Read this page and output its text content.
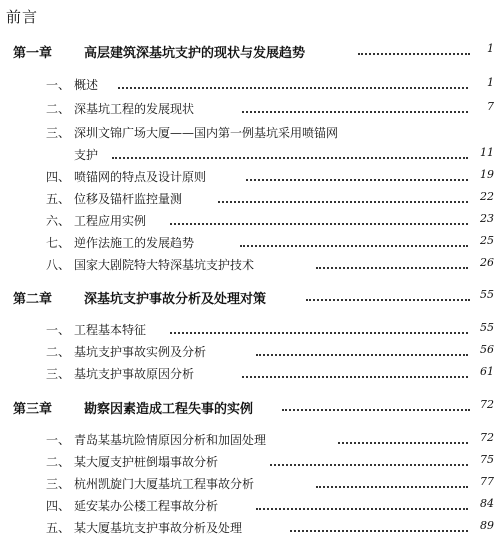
前言
第一章 高层建筑深基坑支护的现状与发展趋势	1
一、 概述	1
二、 深基坑工程的发展现状	7
三、 深圳文锦广场大厦——国内第一例基坑采用喷锚网
支护	11
四、 喷锚网的特点及设计原则	19
五、 位移及锚杆监控量测	22
六、 工程应用实例	23
七、 逆作法施工的发展趋势	25
八、 国家大剧院特大特深基坑支护技术	26
第二章 深基坑支护事故分析及处理对策	55
一、 工程基本特征	55
二、 基坑支护事故实例及分析	56
三、 基坑支护事故原因分析	61
第三章 勘察因素造成工程失事的实例	72
一、 青岛某基坑险情原因分析和加固处理	72
二、 某大厦支护桩倒塌事故分析	75
三、 杭州凯旋门大厦基坑工程事故分析	77
四、 延安某办公楼工程事故分析	84
五、 某大厦基坑支护事故分析及处理	89
